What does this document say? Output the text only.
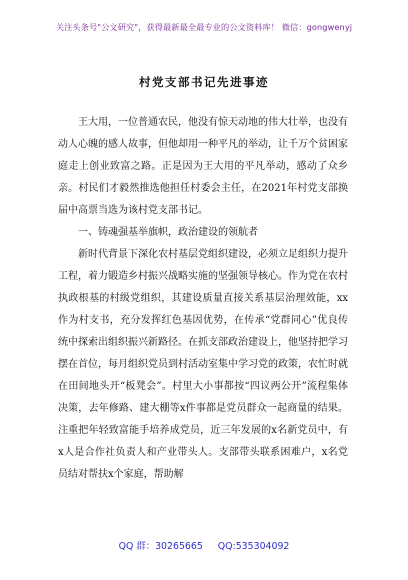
关注头条号"公文研究"，获得最新最全最专业的公文资料库！ 微信：gongwenyj
村党支部书记先进事迹

王大用，一位普通农民，他没有惊天动地的伟大壮举，也没有动人心魄的感人故事，但他却用一种平凡的举动，让千万个贫困家庭走上创业致富之路。正是因为王大用的平凡举动，感动了众乡亲。村民们才毅然推选他担任村委会主任，在2021年村党支部换届中高票当选为该村党支部书记。

一、铸魂强基举旗帜，政治建设的领航者

新时代背景下深化农村基层党组织建设，必须立足组织力提升工程，着力锻造乡村振兴战略实施的坚强领导核心。作为党在农村执政根基的村级党组织，其建设质量直接关系基层治理效能，xx作为村支书，充分发挥红色基因优势，在传承“党群同心”优良传统中探索出组织振兴新路径。在抓支部政治建设上，他坚持把学习摆在首位，每月组织党员到村活动室集中学习党的政策，农忙时就在田间地头开“板凳会”。村里大小事都按“四议两公开”流程集体决策，去年修路、建大棚等x件事都是党员群众一起商量的结果。注重把年轻致富能手培养成党员，近三年发展的x名新党员中，有x人是合作社负责人和产业带头人。支部带头联系困难户，x名党员结对帮扶x个家庭，帮助解

QQ 群：30265665 QQ:535304092
